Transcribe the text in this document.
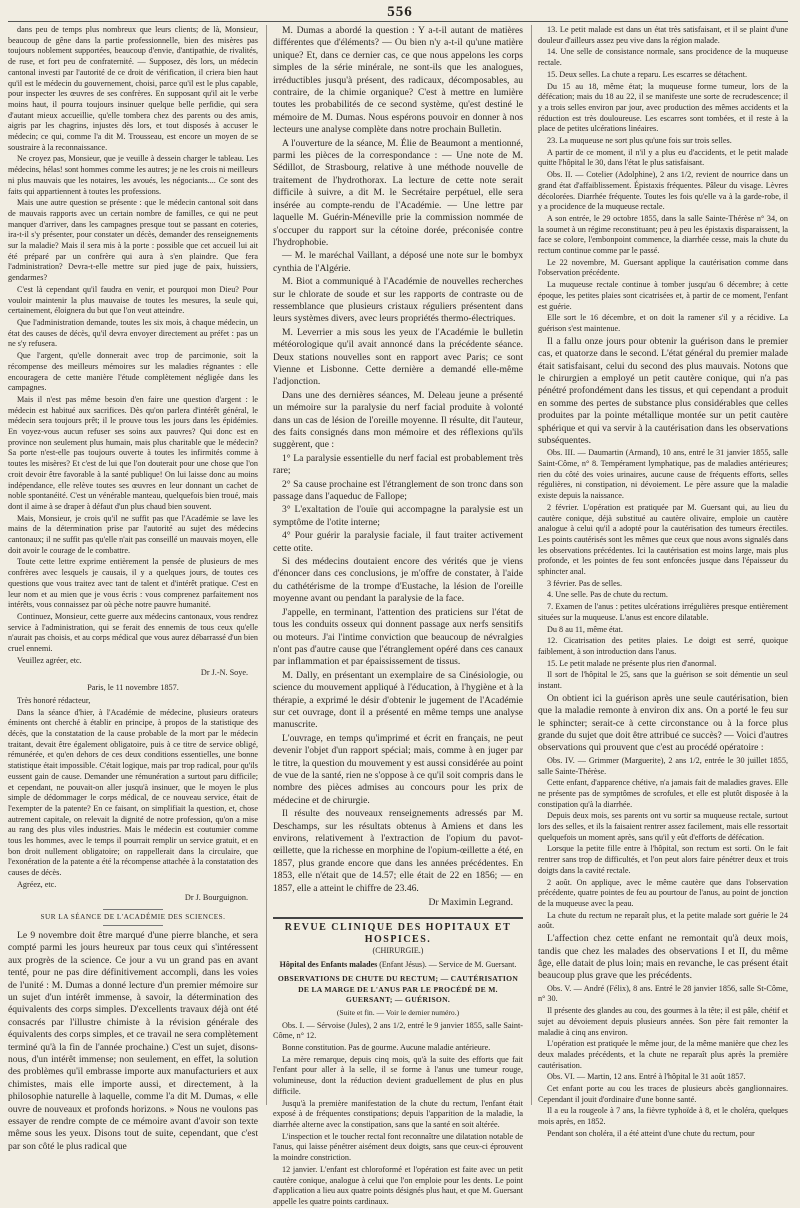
556

dans peu de temps plus nombreux que leurs clients; de là, Monsieur, beaucoup de gêne dans la partie professionnelle, bien des misères pas toujours noblement supportées, beaucoup d'envie, d'antipathie, de rivalités, de ruse, et fort peu de confraternité. — Supposez, dès lors, un médecin cantonal investi par l'autorité de ce droit de vérification, il criera bien haut qu'il est le médecin du gouvernement, choisi, parce qu'il est le plus capable, pour inspecter les œuvres de ses confrères. En supposant qu'il ait le verbe moins haut, il pourra toujours insinuer quelque belle perfidie, qui sera d'autant mieux accueillie, qu'elle tombera chez des parents ou des amis, aigris par les chagrins, injustes dès lors, et tout disposés à accuser le médecin; ce qui, comme l'a dit M. Trousseau, est encore un moyen de se soustraire à la reconnaissance.

Ne croyez pas, Monsieur, que je veuille à dessein charger le tableau. Les médecins, hélas! sont hommes comme les autres; je ne les crois ni meilleurs ni plus mauvais que les notaires, les avoués, les négociants.... Ce sont des faits qui appartiennent à toutes les professions.

Mais une autre question se présente : que le médecin cantonal soit dans de mauvais rapports avec un certain nombre de familles, ce qui ne peut manquer d'arriver, dans les campagnes presque tout se passant en coteries, ira-t-il s'y présenter, pour constater un décès, demander des renseignements sur la maladie? Mais il sera mis à la porte : possible que cet accueil lui ait été préparé par un confrère qui aura à s'en plaindre. Que fera l'administration? Devra-t-elle mettre sur pied juge de paix, huissiers, gendarmes?

C'est là cependant qu'il faudra en venir, et pourquoi mon Dieu? Pour vouloir maintenir la plus mauvaise de toutes les mesures, la seule qui, certainement, éloignera du but que l'on veut atteindre.

Que l'administration demande, toutes les six mois, à chaque médecin, un état des causes de décès, qu'il devra envoyer directement au préfet : pas un ne s'y refusera.

Que l'argent, qu'elle donnerait avec trop de parcimonie, soit la récompense des meilleurs mémoires sur les maladies régnantes : elle encouragera de cette manière l'étude complètement négligée dans les campagnes.

Mais il n'est pas même besoin d'en faire une question d'argent : le médecin est habitué aux sacrifices. Dès qu'on parlera d'intérêt général, le médecin sera toujours prêt; il le prouve tous les jours dans les épidémies. En voyez-vous aucun refuser ses soins aux pauvres? Qui donc est en province non seulement plus humain, mais plus charitable que le médecin? Sa porte n'est-elle pas toujours ouverte à toutes les infirmités comme à toutes les misères? Et c'est de lui que l'on douterait pour une chose que l'on croit devoir être favorable à la santé publique! On lui laisse donc au moins indépendance, elle relève toutes ses œuvres en leur donnant un cachet de noble spontanéité. C'est un vénérable manteau, quelquefois bien troué, mais dont il aime à se draper à défaut d'un plus chaud bien souvent.

Mais, Monsieur, je crois qu'il ne suffit pas que l'Académie se lave les mains de la détermination prise par l'autorité au sujet des médecins cantonaux; il ne suffit pas qu'elle n'ait pas conseillé un mauvais moyen, elle doit avoir le courage de le combattre.

Toute cette lettre exprime entièrement la pensée de plusieurs de mes confrères avec lesquels je causais, il y a quelques jours, de toutes ces questions que vous traitez avec tant de talent et d'intérêt pratique. C'est en leur nom et au mien que je vous écris : vous comprenez parfaitement nos intérêts, vous connaissez par où pèche notre pauvre humanité.

Continuez, Monsieur, cette guerre aux médecins cantonaux, vous rendrez service à l'administration, qui se ferait des ennemis de tous ceux qu'elle n'aurait pas choisis, et au corps médical que vous aurez débarrassé d'un bien cruel ennemi.

Veuillez agréer, etc.

Dr J.-N. Soye.
Paris, le 11 novembre 1857.

Très honoré rédacteur,

Dans la séance d'hier, à l'Académie de médecine, plusieurs orateurs éminents ont cherché à établir en principe, à propos de la statistique des décès, que la constatation de la cause probable de la mort par le médecin traitant, devait être également obligatoire, puis à ce titre de service obligé, rémunérée, et qu'en dehors de ces deux conditions essentielles, une bonne statistique était impossible. C'était logique, mais par trop radical, pour qu'ils eussent gain de cause. Demander une rémunération a surtout paru difficile; et cependant, ne pouvait-on aller jusqu'à insinuer, que le moyen le plus simple de dédommager le corps médical, de ce nouveau service, était de l'exempter de la patente? En ce faisant, on simplifiait la question, et, chose autrement capitale, on relevait la dignité de notre profession, qu'on a mise au rang des plus viles industries. Mais le médecin est coutumier comme tous les hommes, avec le temps il pourrait remplir un service gratuit, et en bon droit nullement obligatoire; on rappellerait dans la circulaire, que l'exonération de la patente a été la récompense attachée à la constatation des causes de décès.

Agréez, etc.

Dr J. Bourguignon.
SUR LA SÉANCE DE L'ACADÉMIE DES SCIENCES.

Le 9 novembre doit être marqué d'une pierre blanche, et sera compté parmi les jours heureux par tous ceux qui s'intéressent aux progrès de la science. Ce jour a vu un grand pas en avant tenté, pour ne pas dire définitivement accompli, dans les voies de l'unité : M. Dumas a donné lecture d'un premier mémoire sur un sujet d'un intérêt immense, à savoir, la détermination des équivalents des corps simples. D'excellents travaux déjà ont été consacrés par l'illustre chimiste à la révision générale des équivalents des corps simples, et ce travail ne sera complètement terminé qu'à la fin de l'année prochaine.) C'est un sujet, disons-nous, d'un intérêt immense; non seulement, en effet, la solution des problèmes qu'il embrasse importe aux manufacturiers et aux chimistes, mais elle importe aussi, et directement, à la philosophie naturelle à laquelle, comme l'a dit M. Dumas, « elle ouvre de nouveaux et profonds horizons. » Nous ne voulons pas essayer de rendre compte de ce mémoire avant d'avoir son texte même sous les yeux. Disons tout de suite, cependant, que c'est par son côté le plus radical que

M. Dumas a abordé la question : Y a-t-il autant de matières différentes que d'éléments? — Ou bien n'y a-t-il qu'une matière unique? Et, dans ce dernier cas, ce que nous appelons les corps simples de la série minérale, ne sont-ils que les analogues, irréductibles jusqu'à présent, des radicaux, décomposables, au contraire, de la chimie organique? C'est à mettre en lumière toutes les probabilités de ce second système, qu'est destiné le mémoire de M. Dumas. Nous espérons pouvoir en donner à nos lecteurs une analyse complète dans notre prochain Bulletin.

A l'ouverture de la séance, M. Élie de Beaumont a mentionné, parmi les pièces de la correspondance : — Une note de M. Sédillot, de Strasbourg, relative à une méthode nouvelle de traitement de l'hydrothorax. La lecture de cette note serait difficile à suivre, a dit M. le Secrétaire perpétuel, elle sera insérée au compte-rendu de l'Académie. — Une lettre par laquelle M. Guérin-Méneville prie la commission nommée de s'occuper du rapport sur la cétoine dorée, préconisée contre l'hydrophobie.

— M. le maréchal Vaillant, a déposé une note sur le bombyx cynthia de l'Algérie.

M. Biot a communiqué à l'Académie de nouvelles recherches sur le chlorate de soude et sur les rapports de contraste ou de ressemblance que plusieurs cristaux réguliers présentent dans leurs systèmes divers, avec leurs propriétés thermo-électriques.

M. Leverrier a mis sous les yeux de l'Académie le bulletin météorologique qu'il avait annoncé dans la précédente séance. Deux stations nouvelles sont en rapport avec Paris; ce sont Vienne et Lisbonne. Cette dernière a demandé elle-même l'adjonction.

Dans une des dernières séances, M. Deleau jeune a présenté un mémoire sur la paralysie du nerf facial produite à volonté dans un cas de lésion de l'oreille moyenne. Il résulte, dit l'auteur, des faits consignés dans mon mémoire et des réflexions qu'ils suggèrent, que :

1° La paralysie essentielle du nerf facial est probablement très rare;

2° Sa cause prochaine est l'étranglement de son tronc dans son passage dans l'aqueduc de Fallope;

3° L'exaltation de l'ouïe qui accompagne la paralysie est un symptôme de l'otite interne;

4° Pour guérir la paralysie faciale, il faut traiter activement cette otite.

Si des médecins doutaient encore des vérités que je viens d'énoncer dans ces conclusions, je m'offre de constater, à l'aide du cathétérisme de la trompe d'Eustache, la lésion de l'oreille moyenne avant ou pendant la paralysie de la face.

J'appelle, en terminant, l'attention des praticiens sur l'état de tous les conduits osseux qui donnent passage aux nerfs sensitifs ou moteurs. J'ai l'intime conviction que beaucoup de névralgies n'ont pas d'autre cause que l'étranglement opéré dans ces canaux par inflammation et par épaississement de tissus.

M. Dally, en présentant un exemplaire de sa Cinésiologie, ou science du mouvement appliqué à l'éducation, à l'hygiène et à la thérapie, a exprimé le désir d'obtenir le jugement de l'Académie sur cet ouvrage, dont il a présenté en même temps une analyse manuscrite.

L'ouvrage, en temps qu'imprimé et écrit en français, ne peut devenir l'objet d'un rapport spécial; mais, comme à en juger par le titre, la question du mouvement y est aussi considérée au point de vue de la santé, rien ne s'oppose à ce qu'il soit compris dans le nombre des pièces admises au concours pour les prix de médecine et de chirurgie.

Il résulte des nouveaux renseignements adressés par M. Deschamps, sur les résultats obtenus à Amiens et dans les environs, relativement à l'extraction de l'opium du pavot-œillette, que la richesse en morphine de l'opium-œillette a été, en 1857, plus grande encore que dans les années précédentes. En 1853, elle n'était que de 14.57; elle était de 22 en 1856; — en 1857, elle a atteint le chiffre de 23.46.

Dr Maximin Legrand.
REVUE CLINIQUE DES HOPITAUX ET HOSPICES.
(CHIRURGIE.)
Hôpital des Enfants malades (Enfant Jésus). — Service de M. Guersant.
OBSERVATIONS DE CHUTE DU RECTUM; — CAUTÉRISATION DE LA MARGE DE L'ANUS PAR LE PROCÉDÉ DE M. GUERSANT; — GUÉRISON.
(Suite et fin. — Voir le dernier numéro.)

Obs. I. — Sérvoise (Jules), 2 ans 1/2, entré le 9 janvier 1855, salle Saint-Côme, n° 12.

Bonne constitution. Pas de gourme. Aucune maladie antérieure.

La mère remarque, depuis cinq mois, qu'à la suite des efforts que fait l'enfant pour aller à la selle, il se forme à l'anus une tumeur rouge, volumineuse, dont la réduction devient graduellement de plus en plus difficile.

Jusqu'à la première manifestation de la chute du rectum, l'enfant était exposé à de fréquentes constipations; depuis l'apparition de la maladie, la diarrhée alterne avec la constipation, sans que la santé en soit altérée.

L'inspection et le toucher rectal font reconnaître une dilatation notable de l'anus, qui laisse pénétrer aisément deux doigts, sans que ceux-ci éprouvent la moindre constriction.

12 janvier. L'enfant est chloroformé et l'opération est faite avec un petit cautère conique, analogue à celui que l'on emploie pour les dents. Le point d'application a lieu aux quatre points désignés plus haut, et que M. Guersant appelle les quatre points cardinaux.

13. Le petit malade est dans un état très satisfaisant, et il se plaint d'une douleur d'ailleurs assez peu vive dans la région malade.

14. Une selle de consistance normale, sans procidence de la muqueuse rectale.

15. Deux selles. La chute a reparu. Les escarres se détachent.

Du 15 au 18, même état; la muqueuse forme tumeur, lors de la défécation; mais du 18 au 22, il se manifeste une sorte de recrudescence; il y a trois selles environ par jour, avec production des mêmes accidents et la réduction est très douloureuse. Les escarres sont tombées, et il reste à la place de petites ulcérations linéaires.

23. La muqueuse ne sort plus qu'une fois sur trois selles.

A partir de ce moment, il n'il y a plus eu d'accidents, et le petit malade quitte l'hôpital le 30, dans l'état le plus satisfaisant.

Obs. II. — Cotelier (Adolphine), 2 ans 1/2, revient de nourrice dans un grand état d'affaiblissement. Épistaxis fréquentes. Pâleur du visage. Lèvres décolorées. Diarrhée fréquente. Toutes les fois qu'elle va à la garde-robe, il y a procidence de la muqueuse rectale.

A son entrée, le 29 octobre 1855, dans la salle Sainte-Thérèse n° 34, on la soumet à un régime reconstituant; peu à peu les épistaxis disparaissent, la face se colore, l'embonpoint commence, la diarrhée cesse, mais la chute du rectum continue comme par le passé.

Le 22 novembre, M. Guersant applique la cautérisation comme dans l'observation précédente.

La muqueuse rectale continue à tomber jusqu'au 6 décembre; à cette époque, les petites plaies sont cicatrisées et, à partir de ce moment, l'enfant est guérie.

Elle sort le 16 décembre, et on doit la ramener s'il y a récidive. La guérison s'est maintenue.

Il a fallu onze jours pour obtenir la guérison dans le premier cas, et quatorze dans le second. L'état général du premier malade était satisfaisant, celui du second des plus mauvais. Notons que le chirurgien a employé un petit cautère conique, qui n'a pas pénétré profondément dans les tissus, et qui cependant a produit en somme des pertes de substance plus considérables que celles produites par la pointe métallique montée sur un petit cautère sphérique et qui va servir à la cautérisation dans les observations subséquentes.

Obs. III. — Daumartin (Armand), 10 ans, entré le 31 janvier 1855, salle Saint-Côme, n° 8. Tempérament lymphatique, pas de maladies antérieures; rien du côté des voies urinaires, aucune cause de fréquents efforts, selles régulières, ni constipation, ni dévoiement. Le père assure que la maladie existe depuis la naissance.

2 février. L'opération est pratiquée par M. Guersant qui, au lieu du cautère conique, déjà substitué au cautère olivaire, emploie un cautère analogue à celui qu'il a adopté pour la cautérisation des tumeurs érectiles. Les points cautérisés sont les mêmes que ceux que nous avons signalés dans les observations précédentes. Ici la cautérisation est moins large, mais plus profonde, et les pointes de feu sont enfoncées jusque dans l'épaisseur du sphincter anal.

3 février. Pas de selles.

4. Une selle. Pas de chute du rectum.

7. Examen de l'anus : petites ulcérations irrégulières presque entièrement situées sur la muqueuse. L'anus est encore dilatable.

Du 8 au 11, même état.

12. Cicatrisation des petites plaies. Le doigt est serré, quoique faiblement, à son introduction dans l'anus.

15. Le petit malade ne présente plus rien d'anormal.

Il sort de l'hôpital le 25, sans que la guérison se soit démentie un seul instant.

On obtient ici la guérison après une seule cautérisation, bien que la maladie remonte à environ dix ans. On a porté le feu sur le sphincter; serait-ce à cette circonstance ou à la force plus grande du sujet que doit être attribué ce succès? — Voici d'autres observations qui prouvent que c'est au procédé opératoire :

Obs. IV. — Grimmer (Marguerite), 2 ans 1/2, entrée le 30 juillet 1855, salle Sainte-Thérèse.

Cette enfant, d'apparence chétive, n'a jamais fait de maladies graves. Elle ne présente pas de symptômes de scrofules, et elle est plutôt disposée à la constipation qu'à la diarrhée.

Depuis deux mois, ses parents ont vu sortir sa muqueuse rectale, surtout lors des selles, et ils la faisaient rentrer assez facilement, mais elle ressortait quelquefois un moment après, sans qu'il y eût d'efforts de défécation.

Lorsque la petite fille entre à l'hôpital, son rectum est sorti. On le fait rentrer sans trop de difficultés, et l'on peut alors faire pénétrer deux et trois doigts dans la cavité rectale.

2 août. On applique, avec le même cautère que dans l'observation précédente, quatre pointes de feu au pourtour de l'anus, au point de jonction de la muqueuse avec la peau.

La chute du rectum ne reparaît plus, et la petite malade sort guérie le 24 août.

L'affection chez cette enfant ne remontait qu'à deux mois, tandis que chez les malades des observations I et II, du même âge, elle datait de plus loin; mais en revanche, le cas présent était beaucoup plus grave que les précédents.

Obs. V. — André (Félix), 8 ans. Entré le 28 janvier 1856, salle St-Côme, n° 30.

Il présente des glandes au cou, des gourmes à la tête; il est pâle, chétif et sujet au dévoiement depuis plusieurs années. Son père fait remonter la maladie à cinq ans environ.

L'opération est pratiquée le même jour, de la même manière que chez les deux malades précédents, et la chute ne reparaît plus après la première cautérisation.

Obs. VI. — Martin, 12 ans. Entré à l'hôpital le 31 août 1857.

Cet enfant porte au cou les traces de plusieurs abcès ganglionnaires. Cependant il jouit d'ordinaire d'une bonne santé.

Il a eu la rougeole à 7 ans, la fièvre typhoïde à 8, et le choléra, quelques mois après, en 1852.

Pendant son choléra, il a été atteint d'une chute du rectum, pour
